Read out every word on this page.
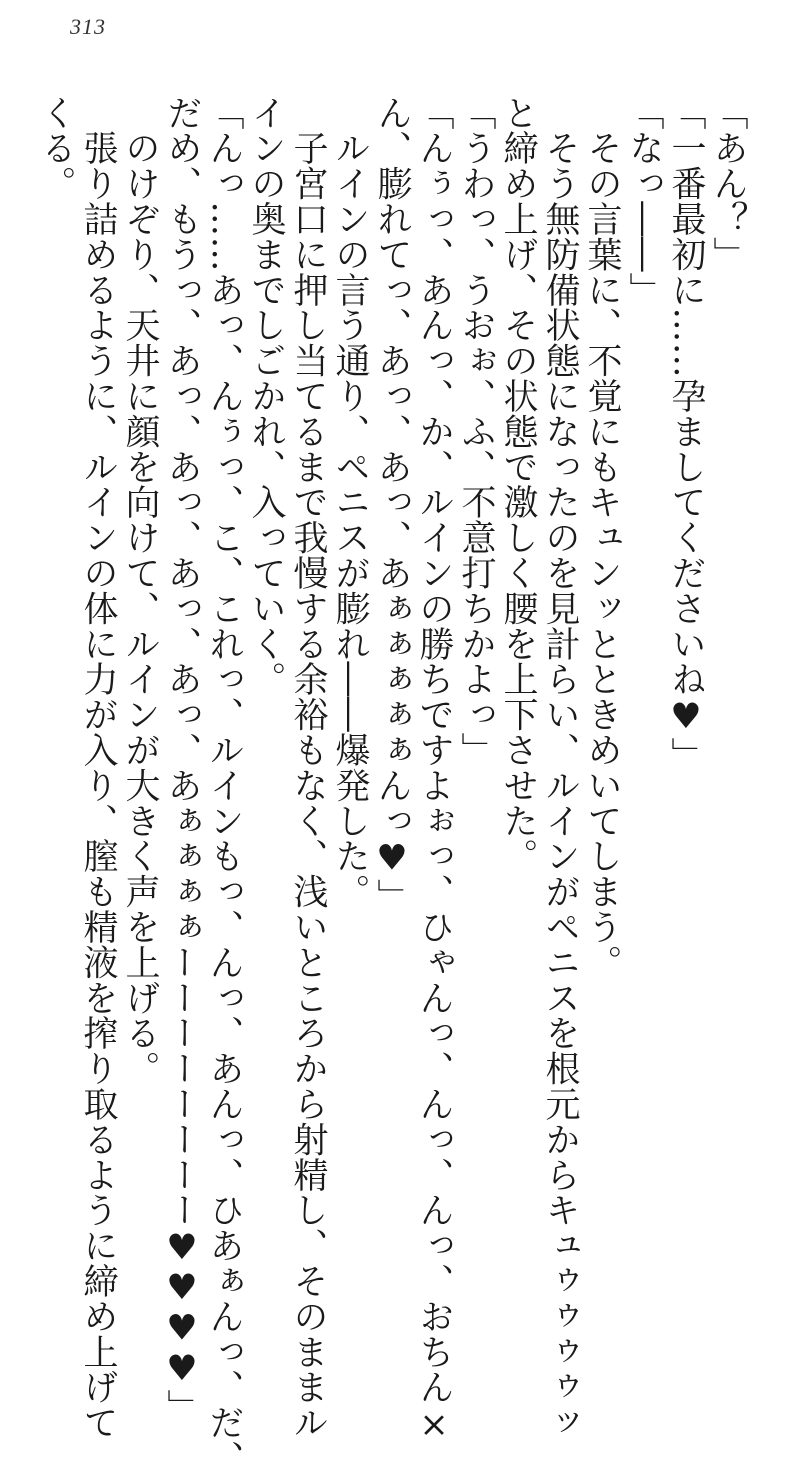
313
「あん？」
「一番最初に……孕ましてくださいね♥」
「なっ――」
　その言葉に、不覚にもキュンッとときめいてしまう。
　そう無防備状態になったのを見計らい、ルインがペニスを根元からキュゥゥゥゥッ
と締め上げ、その状態で激しく腰を上下させた。
「うわっ、うおぉ、ふ、不意打ちかよっ」
「んぅっ、あんっ、か、ルインの勝ちですよぉっ、ひゃんっ、んっ、んっ、おちん×
ん、膨れてっ、あっ、あっ、あぁぁぁぁぁんっ♥」
　ルインの言う通り、ペニスが膨れ――爆発した。
　子宮口に押し当てるまで我慢する余裕もなく、浅いところから射精し、そのままル
インの奥までしごかれ、入っていく。
「んっ……あっ、んぅっ、こ、これっ、ルインもっ、んっ、あんっ、ひあぁんっ、だ、
だめ、もうっ、あっ、あっ、あっ、あっ、あぁぁぁぁーーーーーーーー♥♥♥♥」
　のけぞり、天井に顔を向けて、ルインが大きく声を上げる。
　張り詰めるように、ルインの体に力が入り、膣も精液を搾り取るように締め上げて
くる。
